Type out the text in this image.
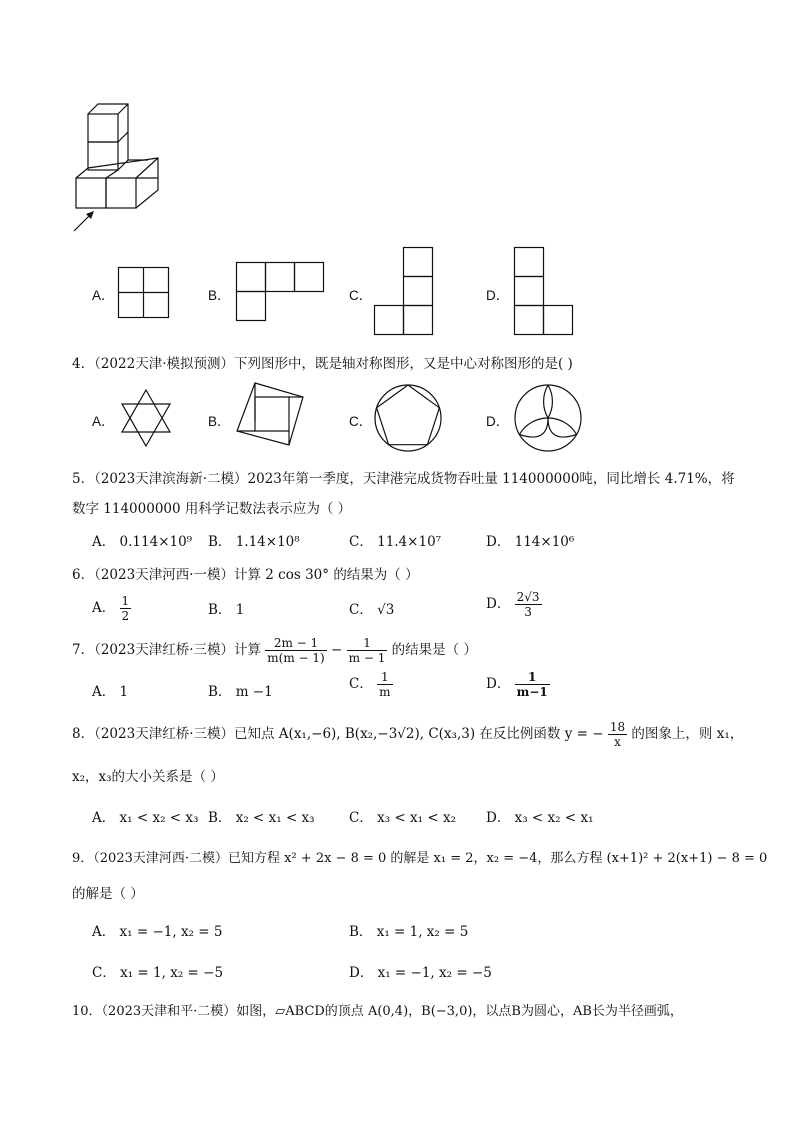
A．	B．	C．	D．
4．（2022天津·模拟预测）下列图形中，既是轴对称图形，又是中心对称图形的是( )
A．	B．	C．	D．
5．（2023天津滨海新·二模）2023年第一季度，天津港完成货物吞吐量 114000000吨，同比增长 4.71%，将
数字 114000000 用科学记数法表示应为（ ）
A． 0.114×10⁹ B． 1.14×10⁸	C． 11.4×10⁷	D． 114×10⁶
6．（2023天津河西·一模）计算 2 cos 30° 的结果为（ ）
A． $\frac{1}{2}$	B． 1	C． √3	D． $\frac{2√3}{3}$
7．（2023天津红桥·三模）计算 $\frac{2m - 1}{m(m - 1)} - \frac{1}{m - 1}$ 的结果是（ ）
A． 1	B． m −1	C． $\frac{1}{m}$	D． $\frac{1}{m-1}$
8．（2023天津红桥·三模）已知点 A(x₁,−6), B(x₂,−3√2), C(x₃,3) 在反比例函数 y = − $\frac{18}{x}$ 的图象上，则 x₁，
x₂，x₃的大小关系是（ ）
A． x₁ < x₂ < x₃ B． x₂ < x₁ < x₃	C． x₃ < x₁ < x₂ D． x₃ < x₂ < x₁
9．（2023天津河西·二模）已知方程 x² + 2x − 8 = 0 的解是 x₁ = 2，x₂ = −4，那么方程 (x+1)² + 2(x+1) − 8 = 0
的解是（ ）
A． x₁ = −1, x₂ = 5	B． x₁ = 1, x₂ = 5
C． x₁ = 1, x₂ = −5	D． x₁ = −1, x₂ = −5
10．（2023天津和平·二模）如图，▱ABCD的顶点 A(0,4)，B(−3,0)，以点B为圆心，AB长为半径画弧，
